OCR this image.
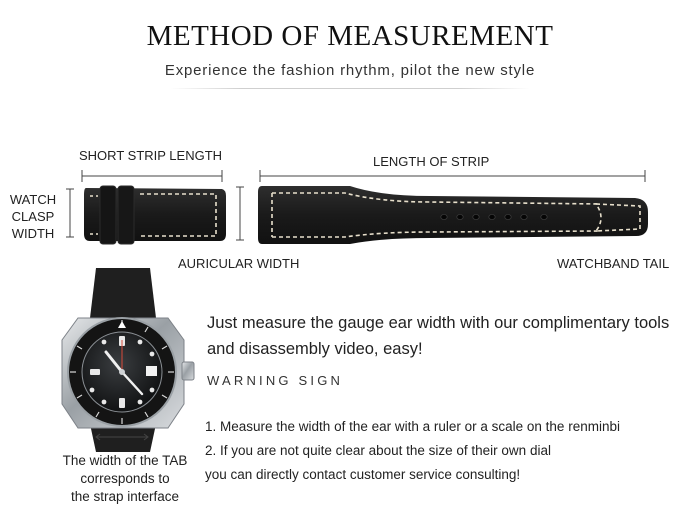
METHOD OF MEASUREMENT
Experience the fashion rhythm, pilot the new style
SHORT STRIP LENGTH	LENGTH OF STRIP
WATCH
CLASP
WIDTH
AURICULAR WIDTH	WATCHBAND TAIL
Just measure the gauge ear width with our complimentary tools and disassembly video, easy!
WARNING SIGN
1. Measure the width of the ear with a ruler or a scale on the renminbi
2. If you are not quite clear about the size of their own dial
you can directly contact customer service consulting!
The width of the TAB
corresponds to
the strap interface
